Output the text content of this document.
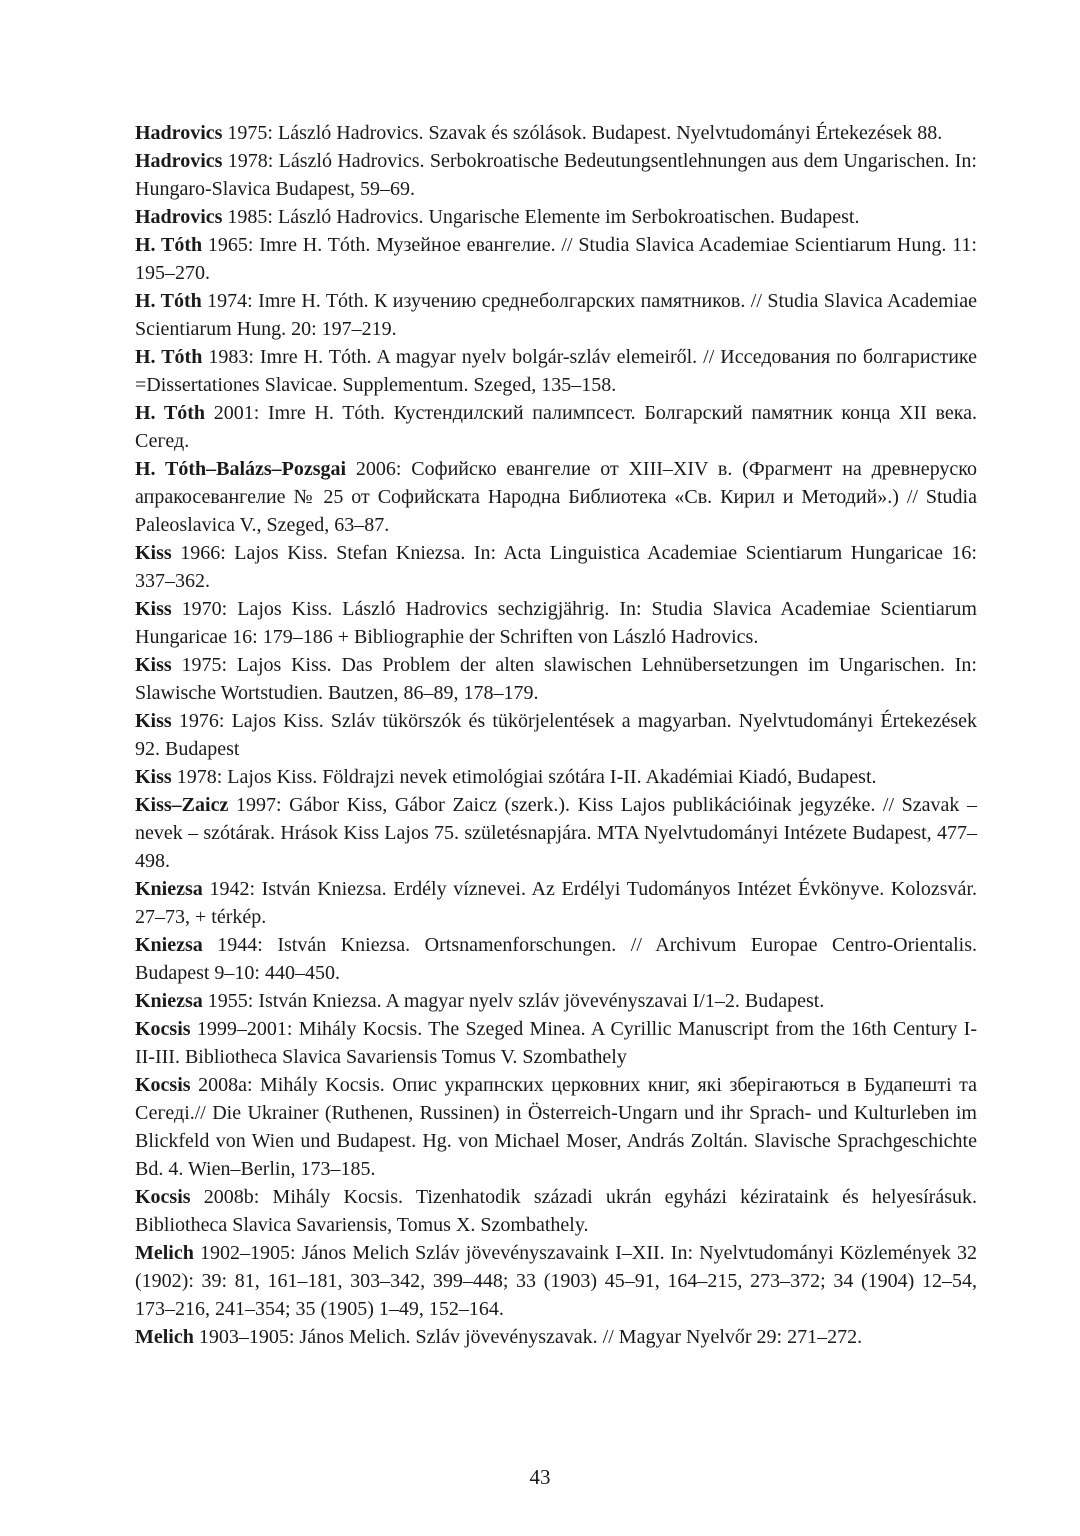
Hadrovics 1975: László Hadrovics. Szavak és szólások. Budapest. Nyelvtudományi Értekezések 88.

Hadrovics 1978: László Hadrovics. Serbokroatische Bedeutungsentlehnungen aus dem Ungarischen. In: Hungaro-Slavica Budapest, 59–69.

Hadrovics 1985: László Hadrovics. Ungarische Elemente im Serbokroatischen. Budapest.

H. Tóth 1965: Imre H. Tóth. Музейное евангелие. // Studia Slavica Academiae Scientiarum Hung. 11: 195–270.

H. Tóth 1974: Imre H. Tóth. К изучению среднеболгарских памятников. // Studia Slavica Academiae Scientiarum Hung. 20: 197–219.

H. Tóth 1983: Imre H. Tóth. A magyar nyelv bolgár-szláv elemeiről. // Исседования по болгаристике =Dissertationes Slavicae. Supplementum. Szeged, 135–158.

H. Tóth 2001: Imre H. Tóth. Кустендилский палимпсест. Болгарский памятник конца XII века. Сегед.

H. Tóth–Balázs–Pozsgai 2006: Софийско евангелие от XIII–XIV в. (Фрагмент на древнеруско апракосевангелие № 25 от Софийската Народна Библиотека «Св. Кирил и Методий».) // Studia Paleoslavica V., Szeged, 63–87.

Kiss 1966: Lajos Kiss. Stefan Kniezsa. In: Acta Linguistica Academiae Scientiarum Hungaricae 16: 337–362.

Kiss 1970: Lajos Kiss. László Hadrovics sechzigjährig. In: Studia Slavica Academiae Scientiarum Hungaricae 16: 179–186 + Bibliographie der Schriften von László Hadrovics.

Kiss 1975: Lajos Kiss. Das Problem der alten slawischen Lehnübersetzungen im Ungarischen. In: Slawische Wortstudien. Bautzen, 86–89, 178–179.

Kiss 1976: Lajos Kiss. Szláv tükörszók és tükörjelentések a magyarban. Nyelvtudományi Értekezések 92. Budapest

Kiss 1978: Lajos Kiss. Földrajzi nevek etimológiai szótára I-II. Akadémiai Kiadó, Budapest.

Kiss–Zaicz 1997: Gábor Kiss, Gábor Zaicz (szerk.). Kiss Lajos publikációinak jegyzéke. // Szavak – nevek – szótárak. Hrások Kiss Lajos 75. születésnapjára. MTA Nyelvtudományi Intézete Budapest, 477–498.

Kniezsa 1942: István Kniezsa. Erdély víznevei. Az Erdélyi Tudományos Intézet Évkönyve. Kolozsvár. 27–73, + térkép.

Kniezsa 1944: István Kniezsa. Ortsnamenforschungen. // Archivum Europae Centro-Orientalis. Budapest 9–10: 440–450.

Kniezsa 1955: István Kniezsa. A magyar nyelv szláv jövevényszavai I/1–2. Budapest.

Kocsis 1999–2001: Mihály Kocsis. The Szeged Minea. A Cyrillic Manuscript from the 16th Century I-II-III. Bibliotheca Slavica Savariensis Tomus V. Szombathely

Kocsis 2008a: Mihály Kocsis. Опис укрaпнских церковних книг, які зберігаються в Будапешті та Сегеді.// Die Ukrainer (Ruthenen, Russinen) in Österreich-Ungarn und ihr Sprach- und Kulturleben im Blickfeld von Wien und Budapest. Hg. von Michael Moser, András Zoltán. Slavische Sprachgeschichte Bd. 4. Wien–Berlin, 173–185.

Kocsis 2008b: Mihály Kocsis. Tizenhatodik századi ukrán egyházi kézirataink és helyesírásuk. Bibliotheca Slavica Savariensis, Tomus X. Szombathely.

Melich 1902–1905: János Melich Szláv jövevényszavaink I–XII. In: Nyelvtudományi Közlemények 32 (1902): 39: 81, 161–181, 303–342, 399–448; 33 (1903) 45–91, 164–215, 273–372; 34 (1904) 12–54, 173–216, 241–354; 35 (1905) 1–49, 152–164.

Melich 1903–1905: János Melich. Szláv jövevényszavak. // Magyar Nyelvőr 29: 271–272.

43
